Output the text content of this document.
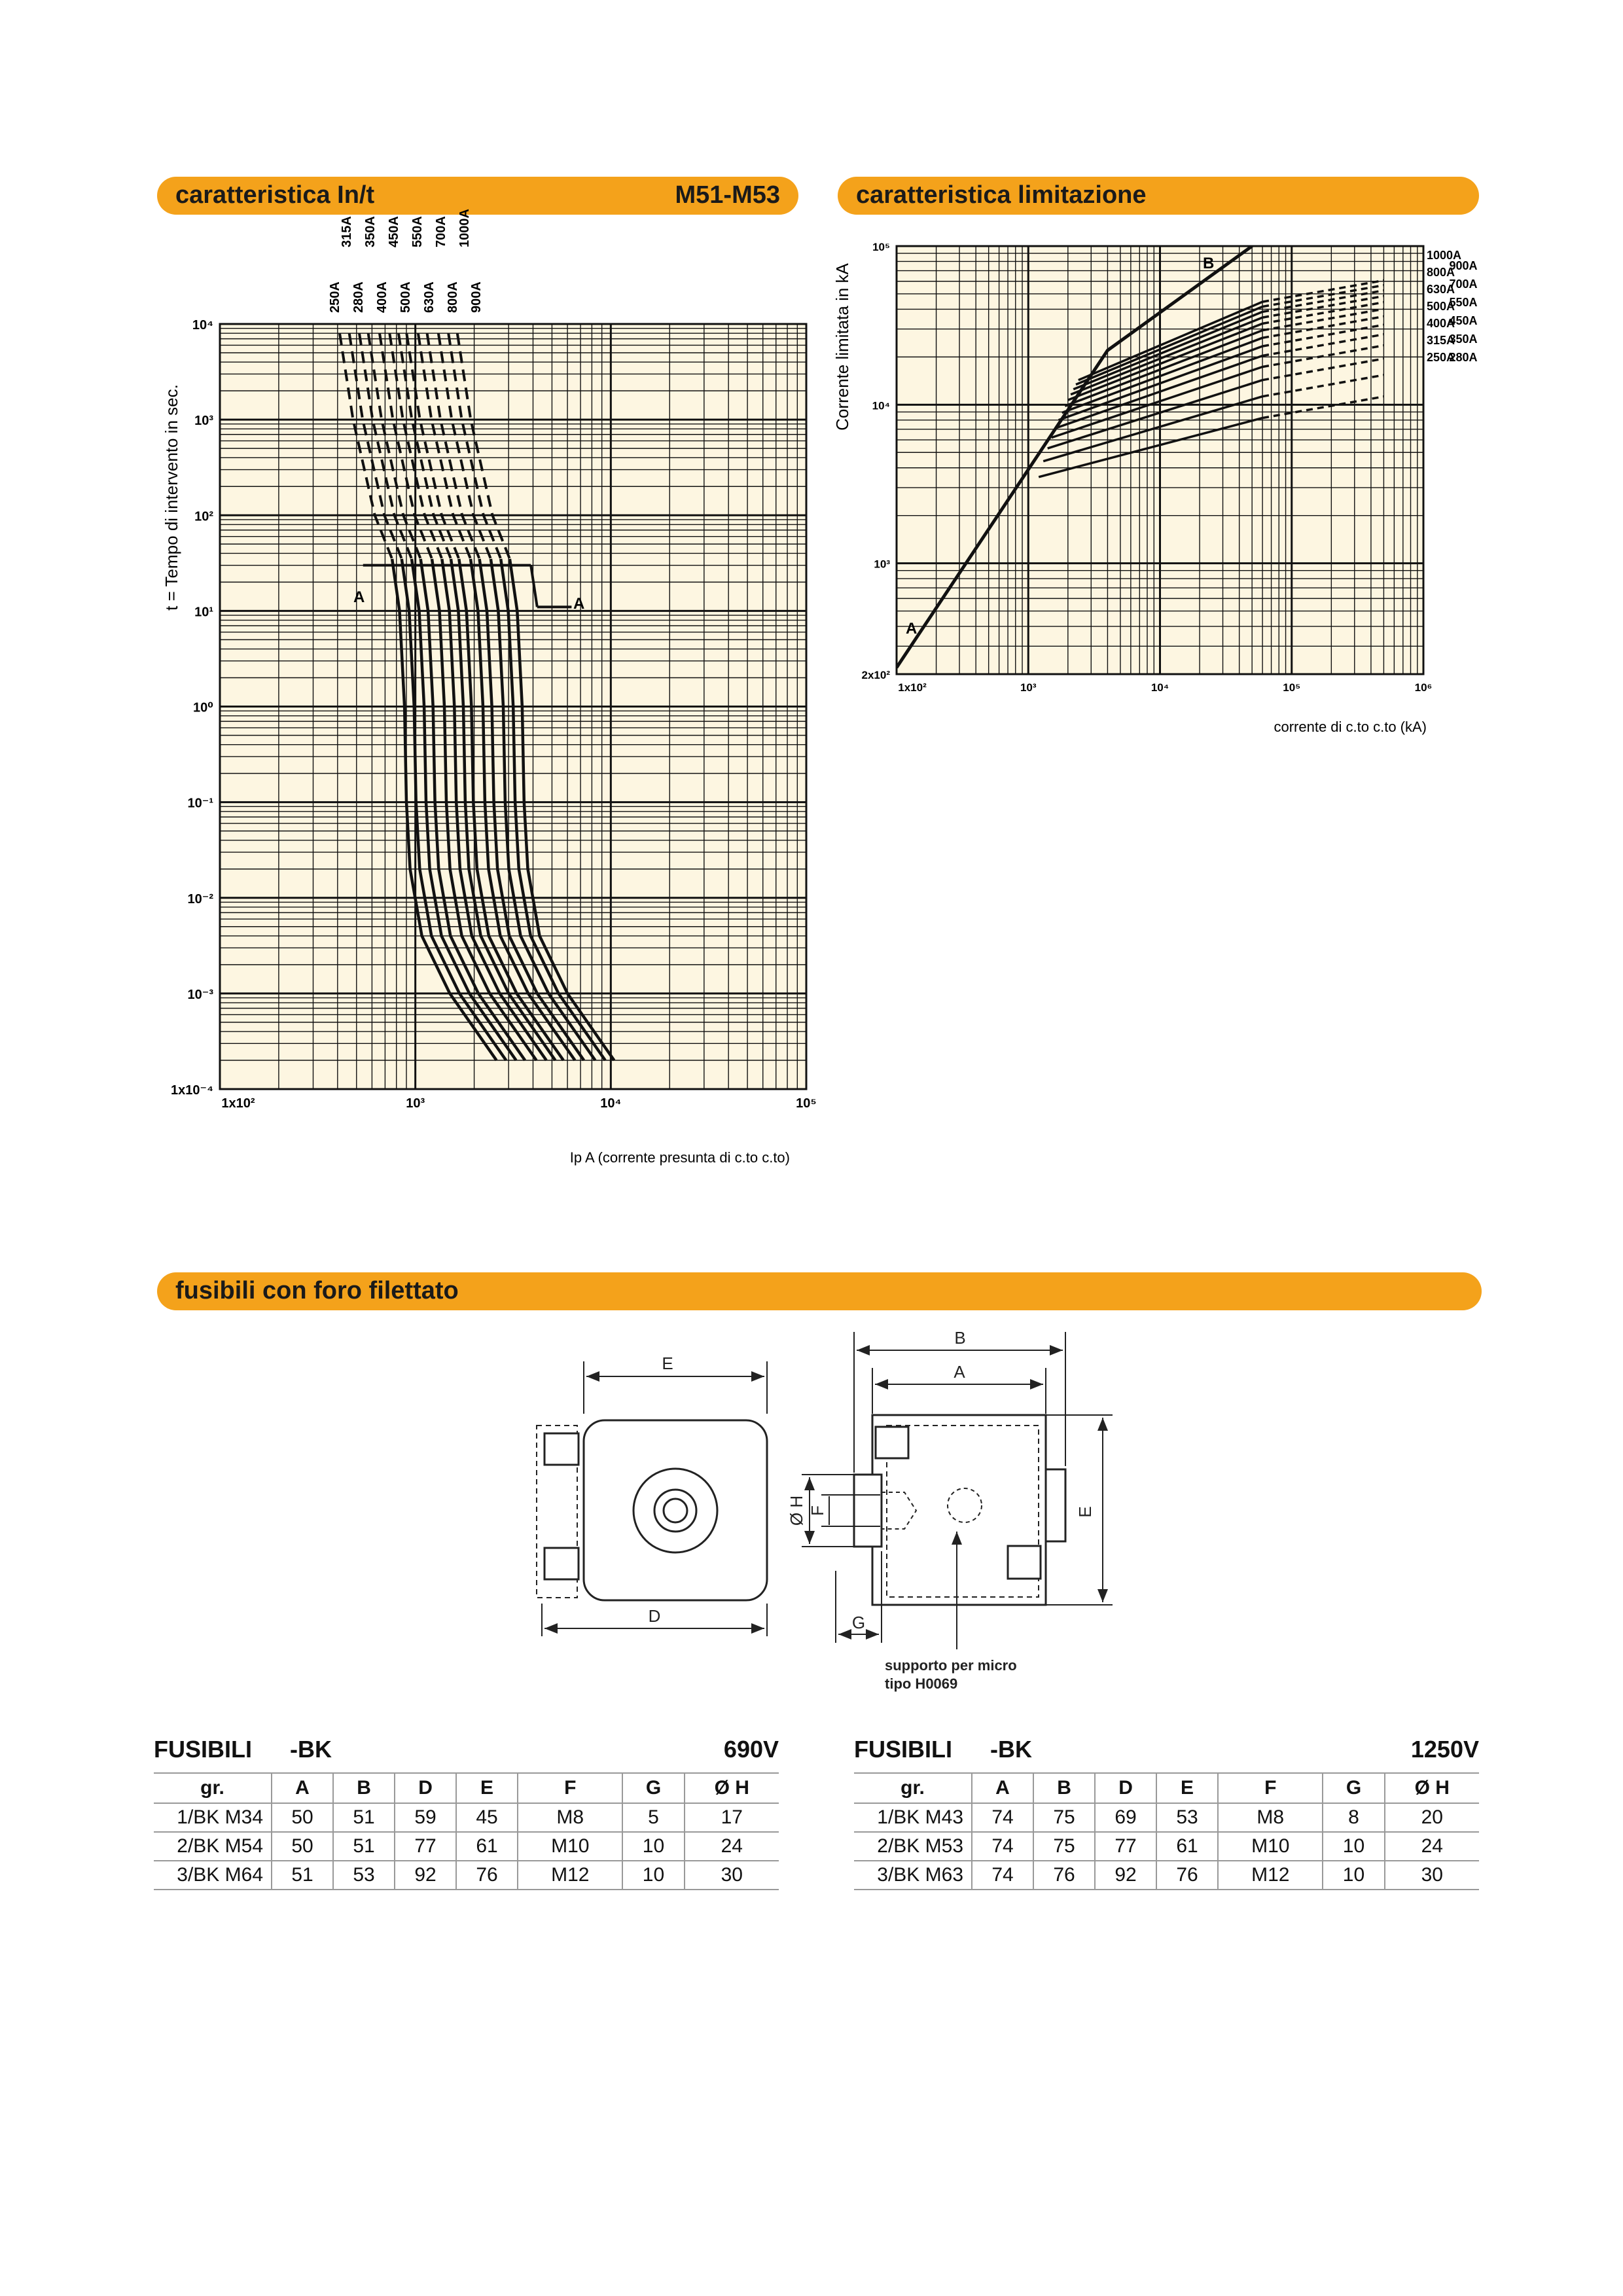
caratteristica In/t	M51-M53	caratteristica limitazione
fusibili con foro filettato
1x10⁻⁴
10⁻³
10⁻²
10⁻¹
10⁰
10¹
10²
10³
10⁴
1x10²	10³	10⁴	10⁵
250A
315A
280A
350A
400A
450A
500A
550A
630A
700A
800A
1000A
900A
t = Tempo di intervento in sec.
Ip A (corrente presunta di c.to c.to)
A	A
2x10²
10³
10⁴
10⁵
1x10²	10³	10⁴	10⁵	10⁶
1000A
800A
630A
500A
400A
315A
250A
900A
700A
550A
450A
350A
280A
Corrente limitata in kA
corrente di c.to c.to (kA)
A
B
E
D
B
A
E
Ø H F
G
supporto per micro
tipo H0069
FUSIBILI -BK	690V
gr.	A	B	D	E	F	G	Ø H
1/BK M34	50	51	59	45	M8	5	17
2/BK M54	50	51	77	61	M10	10	24
3/BK M64	51	53	92	76	M12	10	30
FUSIBILI -BK	1250V
gr.	A	B	D	E	F	G	Ø H
1/BK M43	74	75	69	53	M8	8	20
2/BK M53	74	75	77	61	M10	10	24
3/BK M63	74	76	92	76	M12	10	30
